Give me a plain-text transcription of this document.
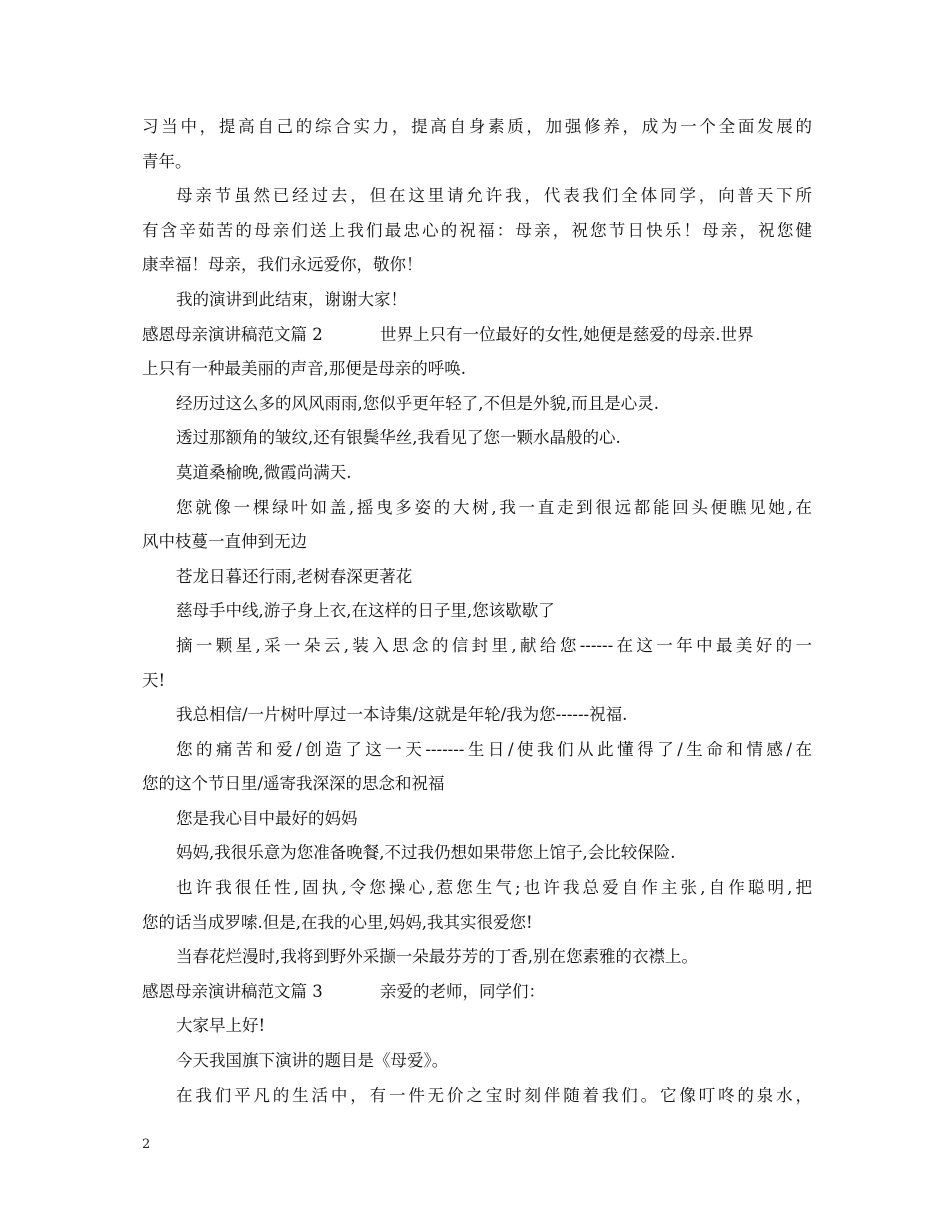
习当中，提高自己的综合实力，提高自身素质，加强修养，成为一个全面发展的
青年。
母亲节虽然已经过去，但在这里请允许我，代表我们全体同学，向普天下所
有含辛茹苦的母亲们送上我们最忠心的祝福：母亲，祝您节日快乐！母亲，祝您健
康幸福！母亲，我们永远爱你，敬你！
我的演讲到此结束，谢谢大家！
感恩母亲演讲稿范文篇 2	世界上只有一位最好的女性,她便是慈爱的母亲.世界
上只有一种最美丽的声音,那便是母亲的呼唤.
经历过这么多的风风雨雨,您似乎更年轻了,不但是外貌,而且是心灵.
透过那额角的皱纹,还有银鬓华丝,我看见了您一颗水晶般的心.
莫道桑榆晚,微霞尚满天.
您就像一棵绿叶如盖,摇曳多姿的大树,我一直走到很远都能回头便瞧见她,在
风中枝蔓一直伸到无边
苍龙日暮还行雨,老树春深更著花
慈母手中线,游子身上衣,在这样的日子里,您该歇歇了
摘一颗星,采一朵云,装入思念的信封里,献给您------在这一年中最美好的一
天!
我总相信/一片树叶厚过一本诗集/这就是年轮/我为您------祝福.
您的痛苦和爱/创造了这一天-------生日/使我们从此懂得了/生命和情感/在
您的这个节日里/遥寄我深深的思念和祝福
您是我心目中最好的妈妈
妈妈,我很乐意为您准备晚餐,不过我仍想如果带您上馆子,会比较保险.
也许我很任性,固执,令您操心,惹您生气;也许我总爱自作主张,自作聪明,把
您的话当成罗嗦.但是,在我的心里,妈妈,我其实很爱您!
当春花烂漫时,我将到野外采撷一朵最芬芳的丁香,别在您素雅的衣襟上。
感恩母亲演讲稿范文篇 3	亲爱的老师，同学们：
大家早上好!
今天我国旗下演讲的题目是《母爱》。
在我们平凡的生活中，有一件无价之宝时刻伴随着我们。它像叮咚的泉水，
2
